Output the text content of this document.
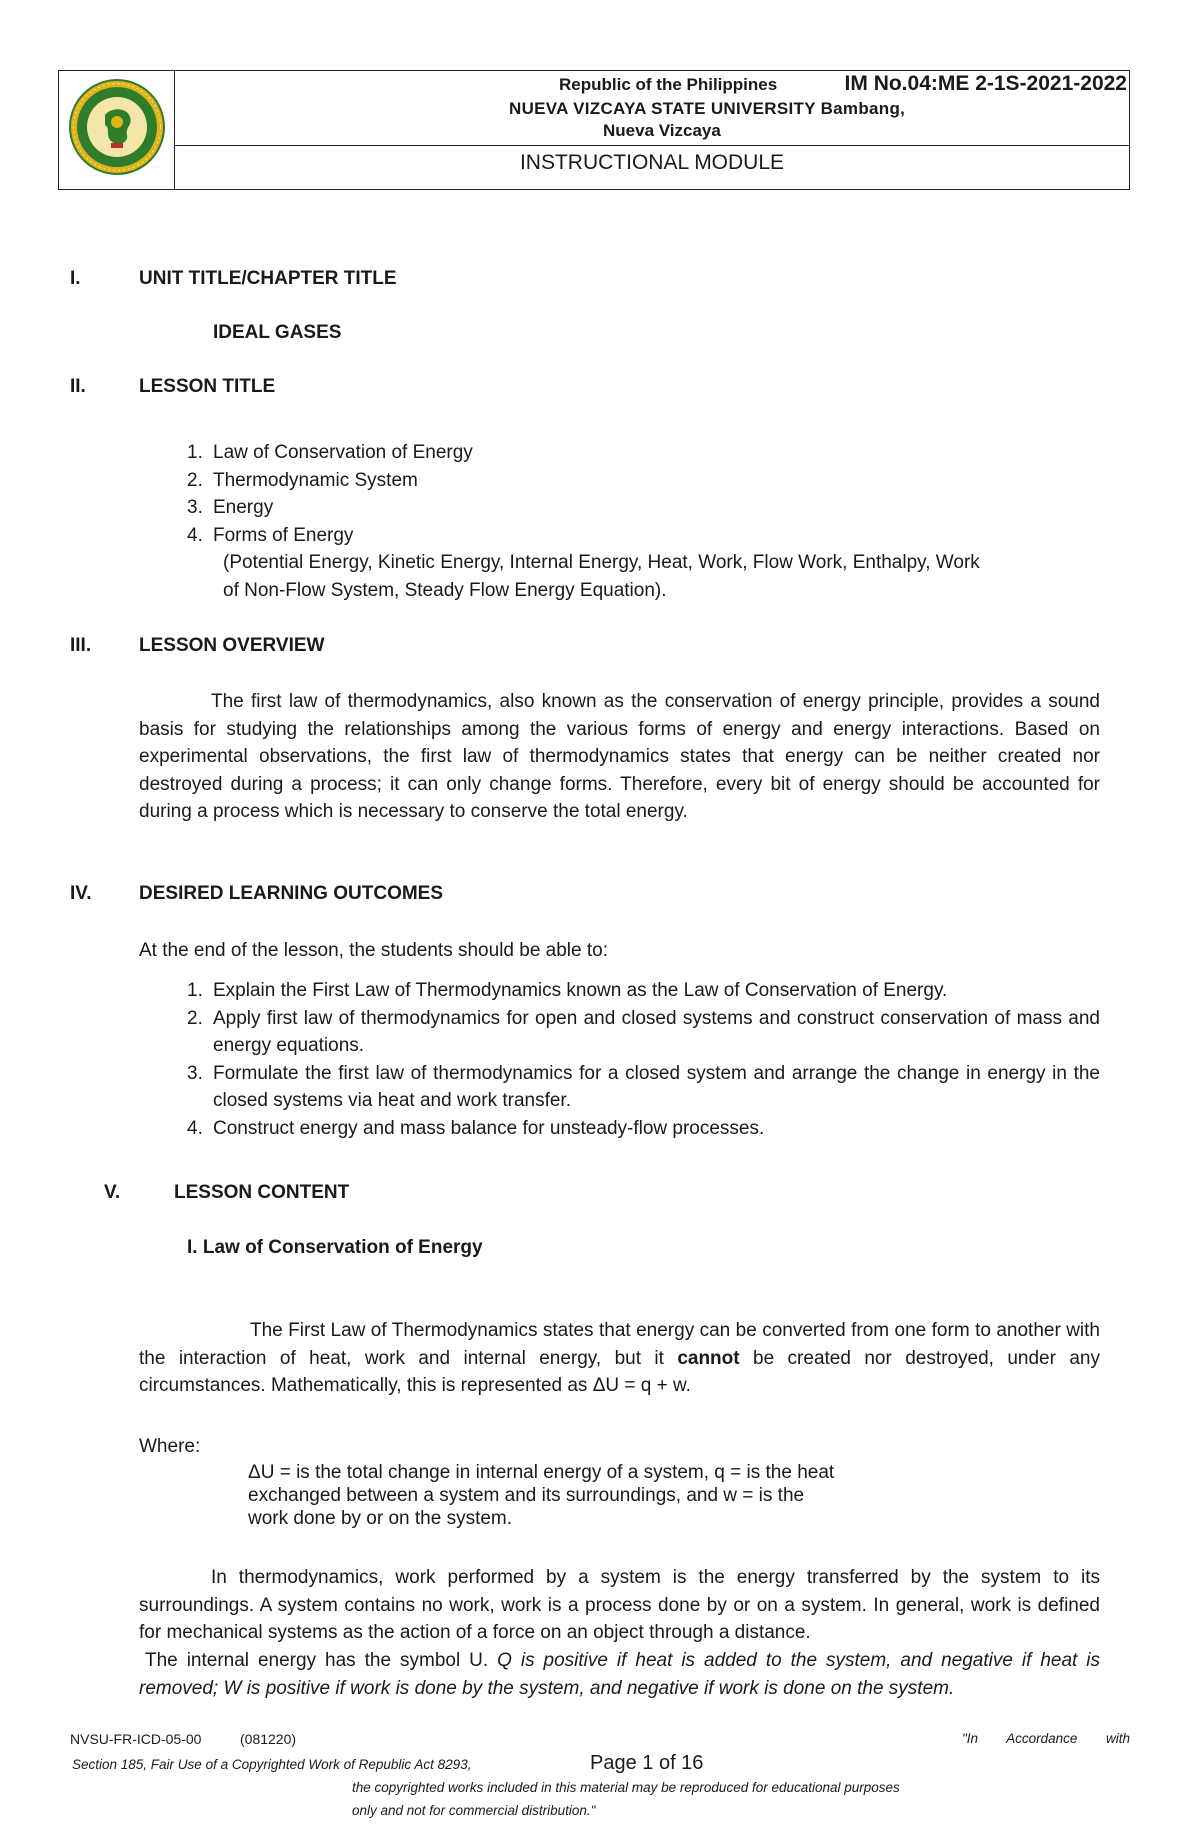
Republic of the Philippines	IM No.04:ME 2-1S-2021-2022
NUEVA VIZCAYA STATE UNIVERSITY Bambang,
Nueva Vizcaya
INSTRUCTIONAL MODULE
I.	UNIT TITLE/CHAPTER TITLE
IDEAL GASES
II.	LESSON TITLE
1. Law of Conservation of Energy
2. Thermodynamic System
3. Energy
4. Forms of Energy
(Potential Energy, Kinetic Energy, Internal Energy, Heat, Work, Flow Work, Enthalpy, Work
of Non-Flow System, Steady Flow Energy Equation).
III.	LESSON OVERVIEW
The first law of thermodynamics, also known as the conservation of energy principle, provides a sound basis for studying the relationships among the various forms of energy and energy interactions. Based on experimental observations, the first law of thermodynamics states that energy can be neither created nor destroyed during a process; it can only change forms. Therefore, every bit of energy should be accounted for during a process which is necessary to conserve the total energy.
IV.	DESIRED LEARNING OUTCOMES
At the end of the lesson, the students should be able to:
1. Explain the First Law of Thermodynamics known as the Law of Conservation of Energy.
2. Apply first law of thermodynamics for open and closed systems and construct conservation of mass and energy equations.
3. Formulate the first law of thermodynamics for a closed system and arrange the change in energy in the closed systems via heat and work transfer.
4. Construct energy and mass balance for unsteady-flow processes.
V.	LESSON CONTENT
I. Law of Conservation of Energy
The First Law of Thermodynamics states that energy can be converted from one form to another with the interaction of heat, work and internal energy, but it cannot be created nor destroyed, under any circumstances. Mathematically, this is represented as ΔU = q + w.
Where:
ΔU = is the total change in internal energy of a system, q = is the heat
exchanged between a system and its surroundings, and w = is the
work done by or on the system.
In thermodynamics, work performed by a system is the energy transferred by the system to its surroundings. A system contains no work, work is a process done by or on a system. In general, work is defined for mechanical systems as the action of a force on an object through a distance.
The internal energy has the symbol U. Q is positive if heat is added to the system, and negative if heat is removed; W is positive if work is done by the system, and negative if work is done on the system.
NVSU-FR-ICD-05-00	(081220)	"In Accordance with
Section 185, Fair Use of a Copyrighted Work of Republic Act 8293,	Page 1 of 16
the copyrighted works included in this material may be reproduced for educational purposes
only and not for commercial distribution."
